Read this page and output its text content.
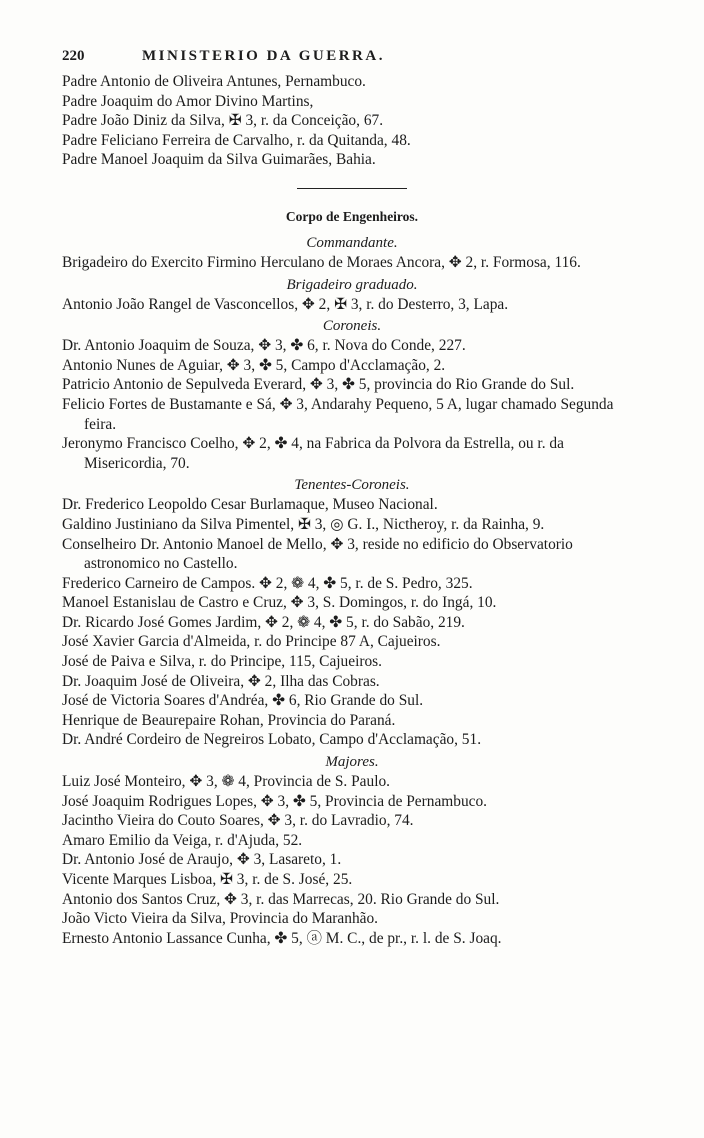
220	MINISTERIO DA GUERRA.

Padre Antonio de Oliveira Antunes, Pernambuco.

Padre Joaquim do Amor Divino Martins,

Padre João Diniz da Silva, ✠ 3, r. da Conceição, 67.

Padre Feliciano Ferreira de Carvalho, r. da Quitanda, 48.

Padre Manoel Joaquim da Silva Guimarães, Bahia.

Corpo de Engenheiros.

Commandante.

Brigadeiro do Exercito Firmino Herculano de Moraes Ancora, ✥ 2, r. Formosa, 116.

Brigadeiro graduado.

Antonio João Rangel de Vasconcellos, ✥ 2, ✠ 3, r. do Desterro, 3, Lapa.

Coroneis.

Dr. Antonio Joaquim de Souza, ✥ 3, ✤ 6, r. Nova do Conde, 227.

Antonio Nunes de Aguiar, ✥ 3, ✤ 5, Campo d'Acclamação, 2.

Patricio Antonio de Sepulveda Everard, ✥ 3, ✤ 5, provincia do Rio Grande do Sul.

Felicio Fortes de Bustamante e Sá, ✥ 3, Andarahy Pequeno, 5 A, lugar chamado Segunda feira.

Jeronymo Francisco Coelho, ✥ 2, ✤ 4, na Fabrica da Polvora da Estrella, ou r. da Misericordia, 70.

Tenentes-Coroneis.

Dr. Frederico Leopoldo Cesar Burlamaque, Museo Nacional.

Galdino Justiniano da Silva Pimentel, ✠ 3, ◎ G. I., Nictheroy, r. da Rainha, 9.

Conselheiro Dr. Antonio Manoel de Mello, ✥ 3, reside no edificio do Observatorio astronomico no Castello.

Frederico Carneiro de Campos. ✥ 2, ❁ 4, ✤ 5, r. de S. Pedro, 325.

Manoel Estanislau de Castro e Cruz, ✥ 3, S. Domingos, r. do Ingá, 10.

Dr. Ricardo José Gomes Jardim, ✥ 2, ❁ 4, ✤ 5, r. do Sabão, 219.

José Xavier Garcia d'Almeida, r. do Principe 87 A, Cajueiros.

José de Paiva e Silva, r. do Principe, 115, Cajueiros.

Dr. Joaquim José de Oliveira, ✥ 2, Ilha das Cobras.

José de Victoria Soares d'Andréa, ✤ 6, Rio Grande do Sul.

Henrique de Beaurepaire Rohan, Provincia do Paraná.

Dr. André Cordeiro de Negreiros Lobato, Campo d'Acclamação, 51.

Majores.

Luiz José Monteiro, ✥ 3, ❁ 4, Provincia de S. Paulo.

José Joaquim Rodrigues Lopes, ✥ 3, ✤ 5, Provincia de Pernambuco.

Jacintho Vieira do Couto Soares, ✥ 3, r. do Lavradio, 74.

Amaro Emilio da Veiga, r. d'Ajuda, 52.

Dr. Antonio José de Araujo, ✥ 3, Lasareto, 1.

Vicente Marques Lisboa, ✠ 3, r. de S. José, 25.

Antonio dos Santos Cruz, ✥ 3, r. das Marrecas, 20. Rio Grande do Sul.

João Victo Vieira da Silva, Provincia do Maranhão.

Ernesto Antonio Lassance Cunha, ✤ 5, ⓐ M. C., de pr., r. l. de S. Joaq.
